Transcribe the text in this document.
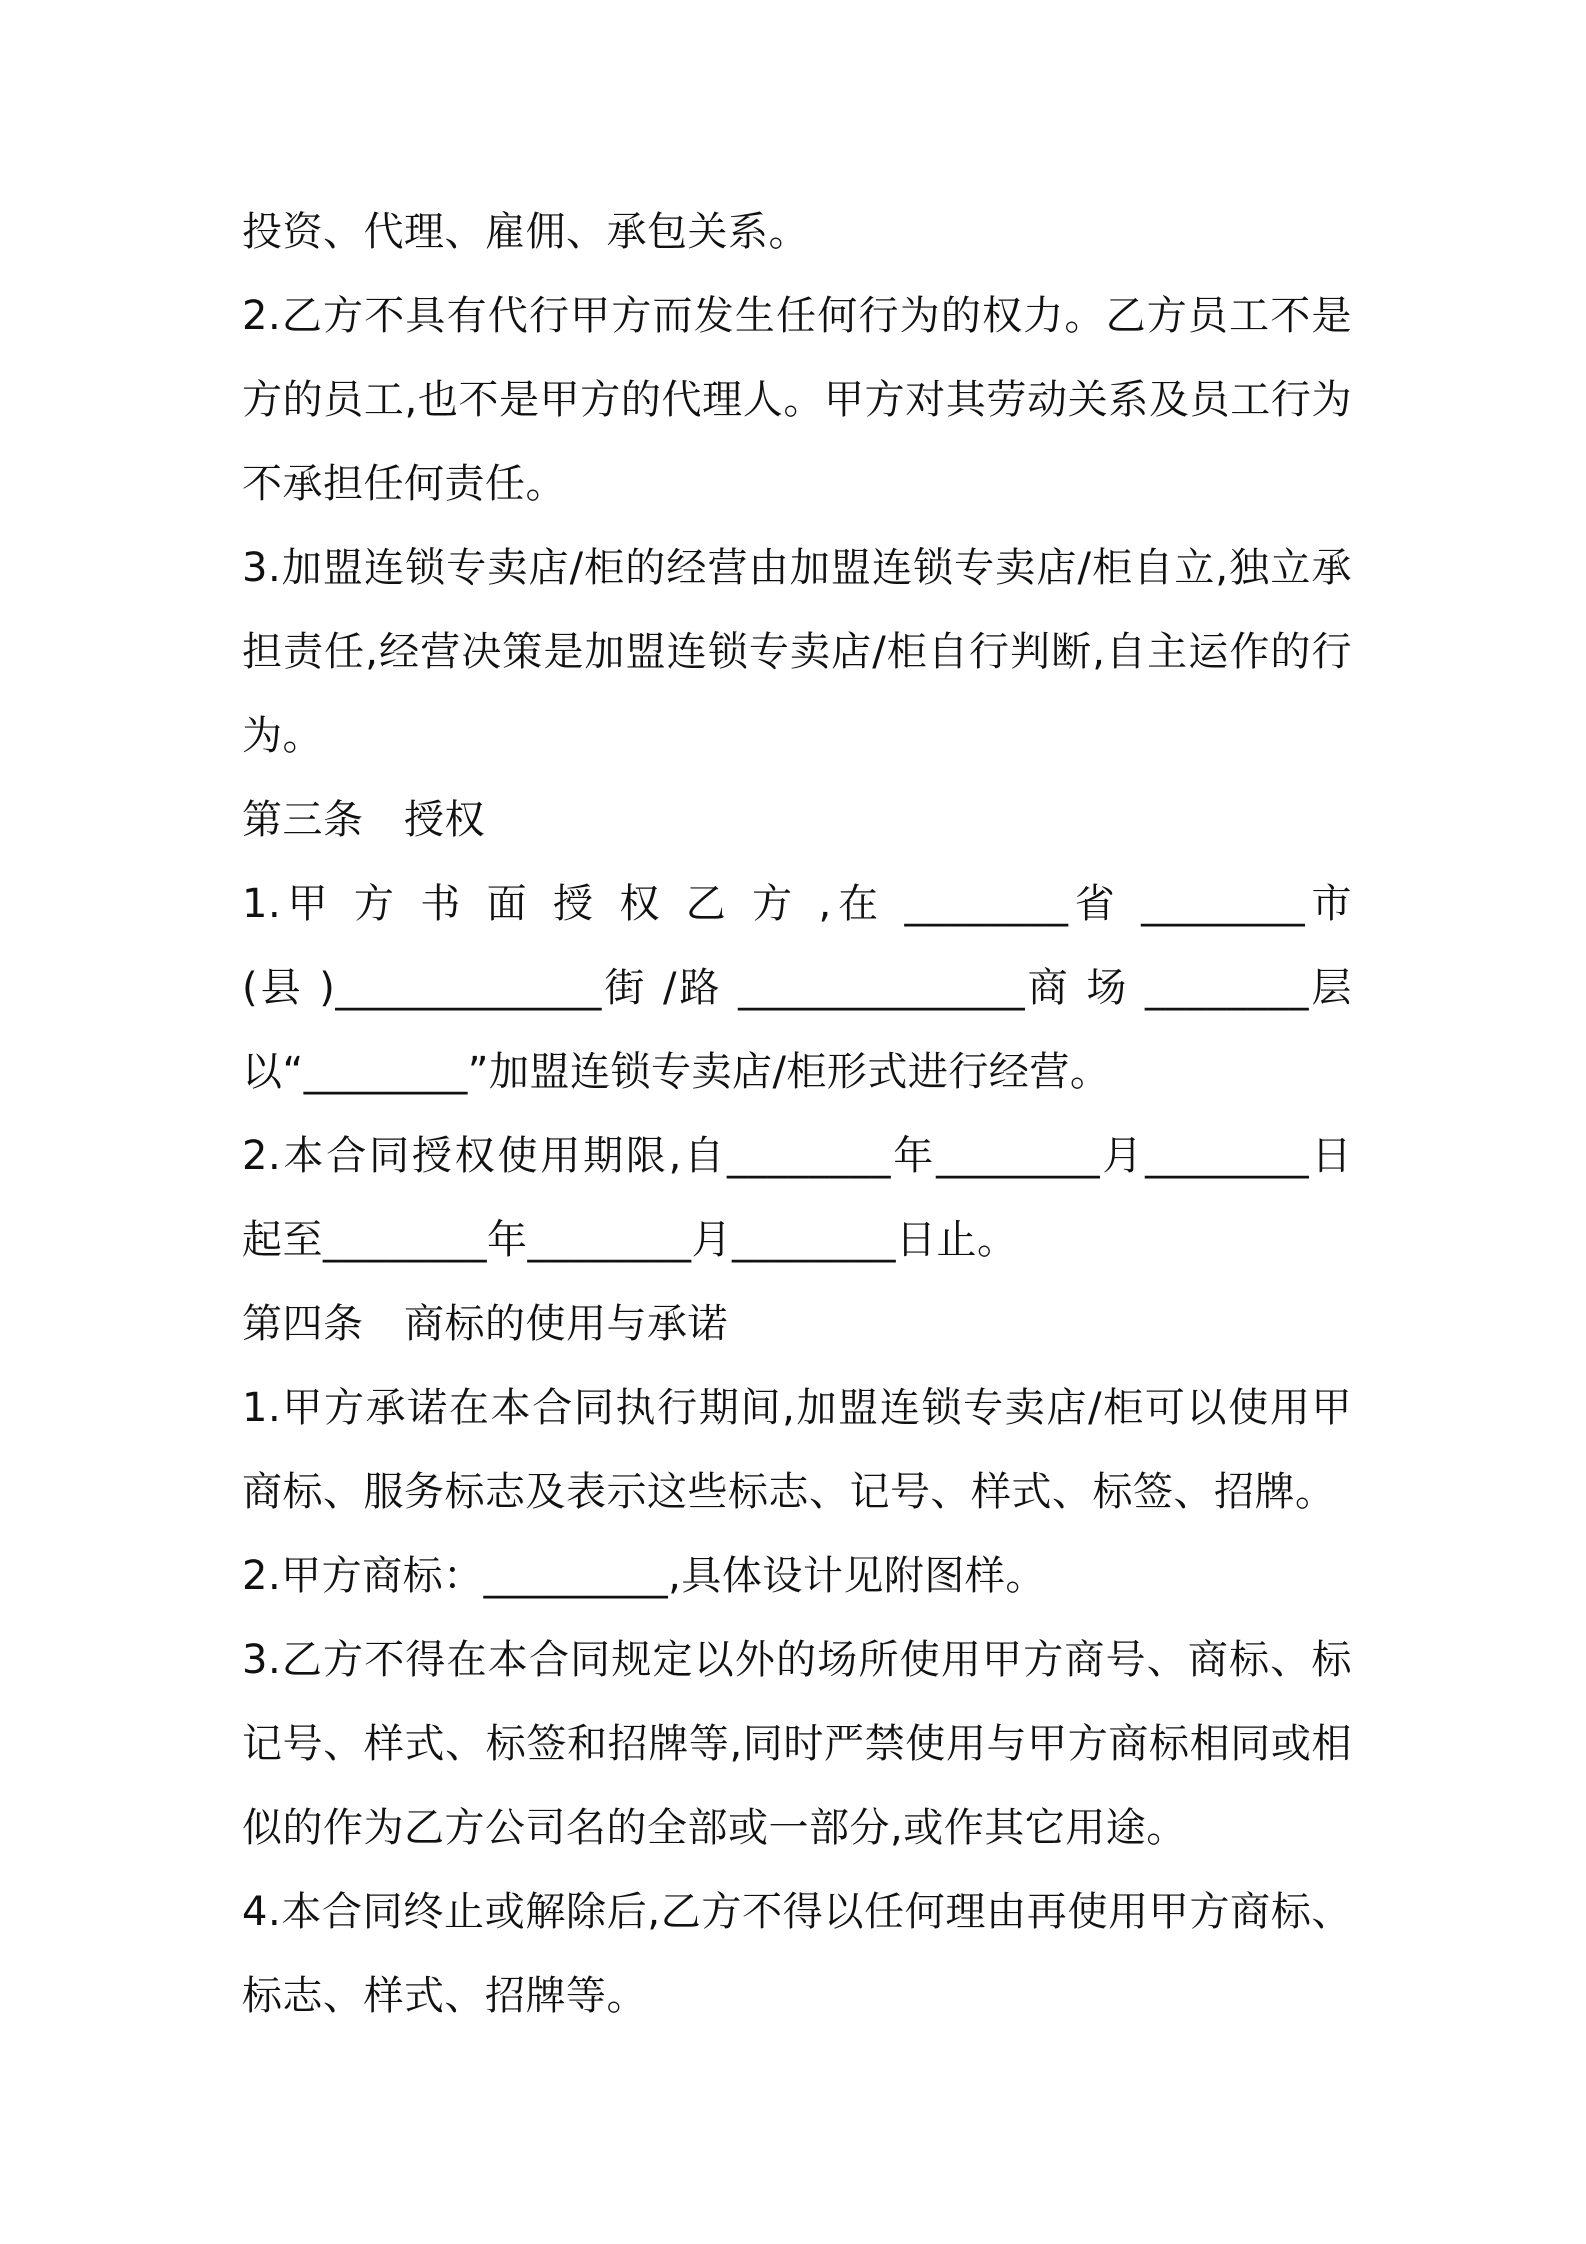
投资、代理、雇佣、承包关系。
2.乙方不具有代行甲方而发生任何行为的权力。乙方员工不是
方的员工,也不是甲方的代理人。甲方对其劳动关系及员工行为
不承担任何责任。
3.加盟连锁专卖店/柜的经营由加盟连锁专卖店/柜自立,独立承
担责任,经营决策是加盟连锁专卖店/柜自行判断,自主运作的行
为。
第三条　授权
1.甲 方 书 面 授 权 乙 方 ,在 ________省 ________市
(县 )_____________街 /路 ______________商 场 ________层
以“________”加盟连锁专卖店/柜形式进行经营。
2.本合同授权使用期限,自________年________月________日
起至________年________月________日止。
第四条　商标的使用与承诺
1.甲方承诺在本合同执行期间,加盟连锁专卖店/柜可以使用甲
商标、服务标志及表示这些标志、记号、样式、标签、招牌。
2.甲方商标：_________,具体设计见附图样。
3.乙方不得在本合同规定以外的场所使用甲方商号、商标、标
记号、样式、标签和招牌等,同时严禁使用与甲方商标相同或相
似的作为乙方公司名的全部或一部分,或作其它用途。
4.本合同终止或解除后,乙方不得以任何理由再使用甲方商标、
标志、样式、招牌等。
